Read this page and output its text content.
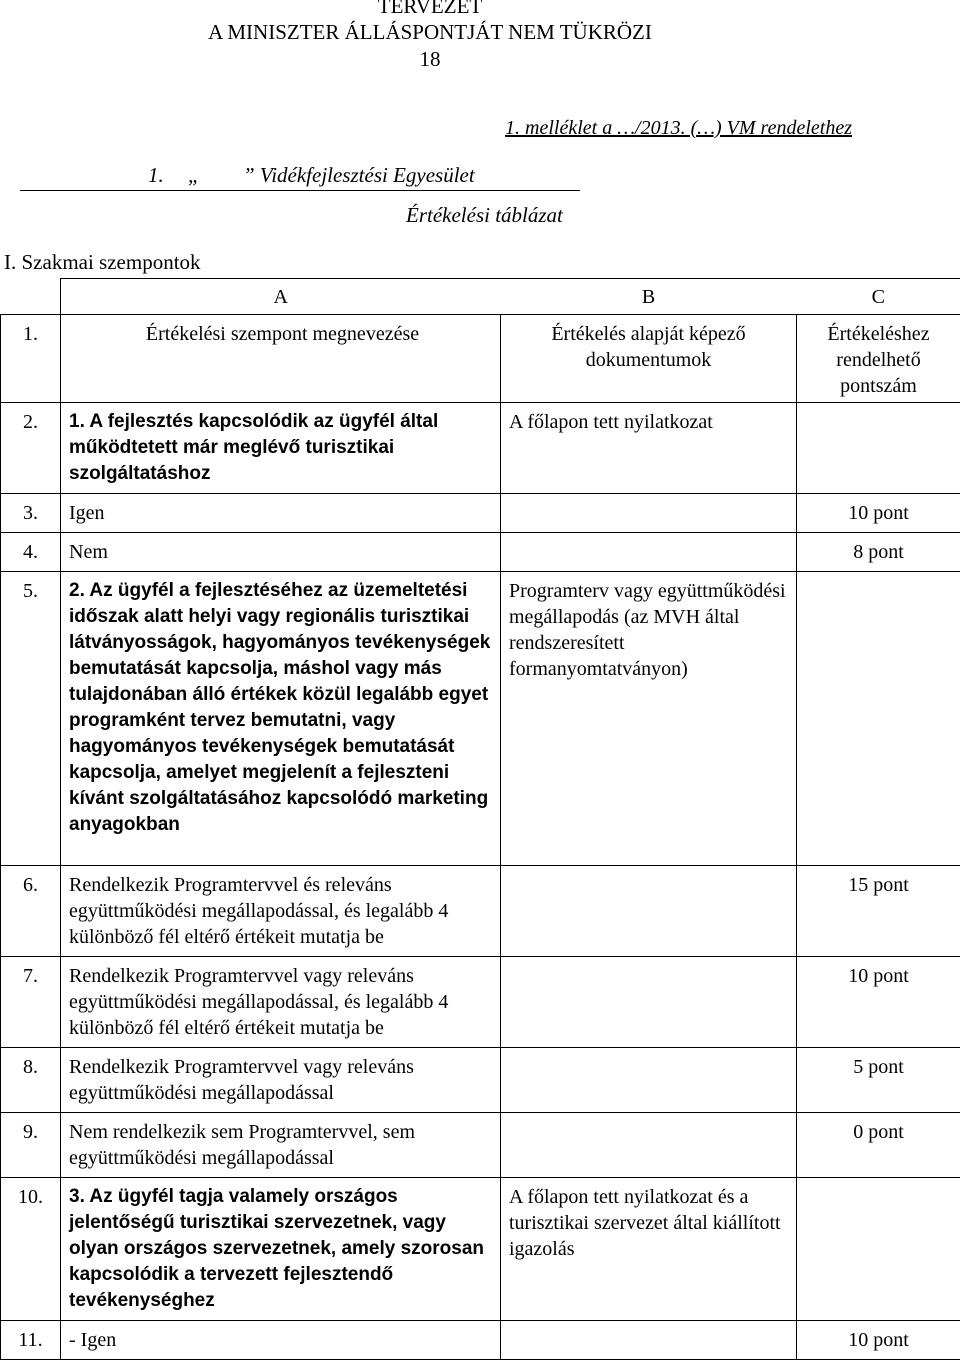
TERVEZET
A MINISZTER ÁLLÁSPONTJÁT NEM TÜKRÖZI
18
1. melléklet a …/2013. (…) VM rendelethez
1. „ ” Vidékfejlesztési Egyesület
Értékelési táblázat
I. Szakmai szempontok
	A	B	C
1.	Értékelési szempont megnevezése	Értékelés alapját képező dokumentumok	Értékeléshez rendelhető pontszám
2.	1. A fejlesztés kapcsolódik az ügyfél által működtetett már meglévő turisztikai szolgáltatáshoz	A főlapon tett nyilatkozat	
3.	Igen		10 pont
4.	Nem		8 pont
5.	2. Az ügyfél a fejlesztéséhez az üzemeltetési időszak alatt helyi vagy regionális turisztikai látványosságok, hagyományos tevékenységek bemutatását kapcsolja, máshol vagy más tulajdonában álló értékek közül legalább egyet programként tervez bemutatni, vagy hagyományos tevékenységek bemutatását kapcsolja, amelyet megjelenít a fejleszteni kívánt szolgáltatásához kapcsolódó marketing anyagokban	Programterv vagy együttműködési megállapodás (az MVH által rendszeresített formanyomtatványon)	
6.	Rendelkezik Programtervvel és releváns együttműködési megállapodással, és legalább 4 különböző fél eltérő értékeit mutatja be		15 pont
7.	Rendelkezik Programtervvel vagy releváns együttműködési megállapodással, és legalább 4 különböző fél eltérő értékeit mutatja be		10 pont
8.	Rendelkezik Programtervvel vagy releváns együttműködési megállapodással		5 pont
9.	Nem rendelkezik sem Programtervvel, sem együttműködési megállapodással		0 pont
10.	3. Az ügyfél tagja valamely országos jelentőségű turisztikai szervezetnek, vagy olyan országos szervezetnek, amely szorosan kapcsolódik a tervezett fejlesztendő tevékenységhez	A főlapon tett nyilatkozat és a turisztikai szervezet által kiállított igazolás	
11.	- Igen		10 pont
